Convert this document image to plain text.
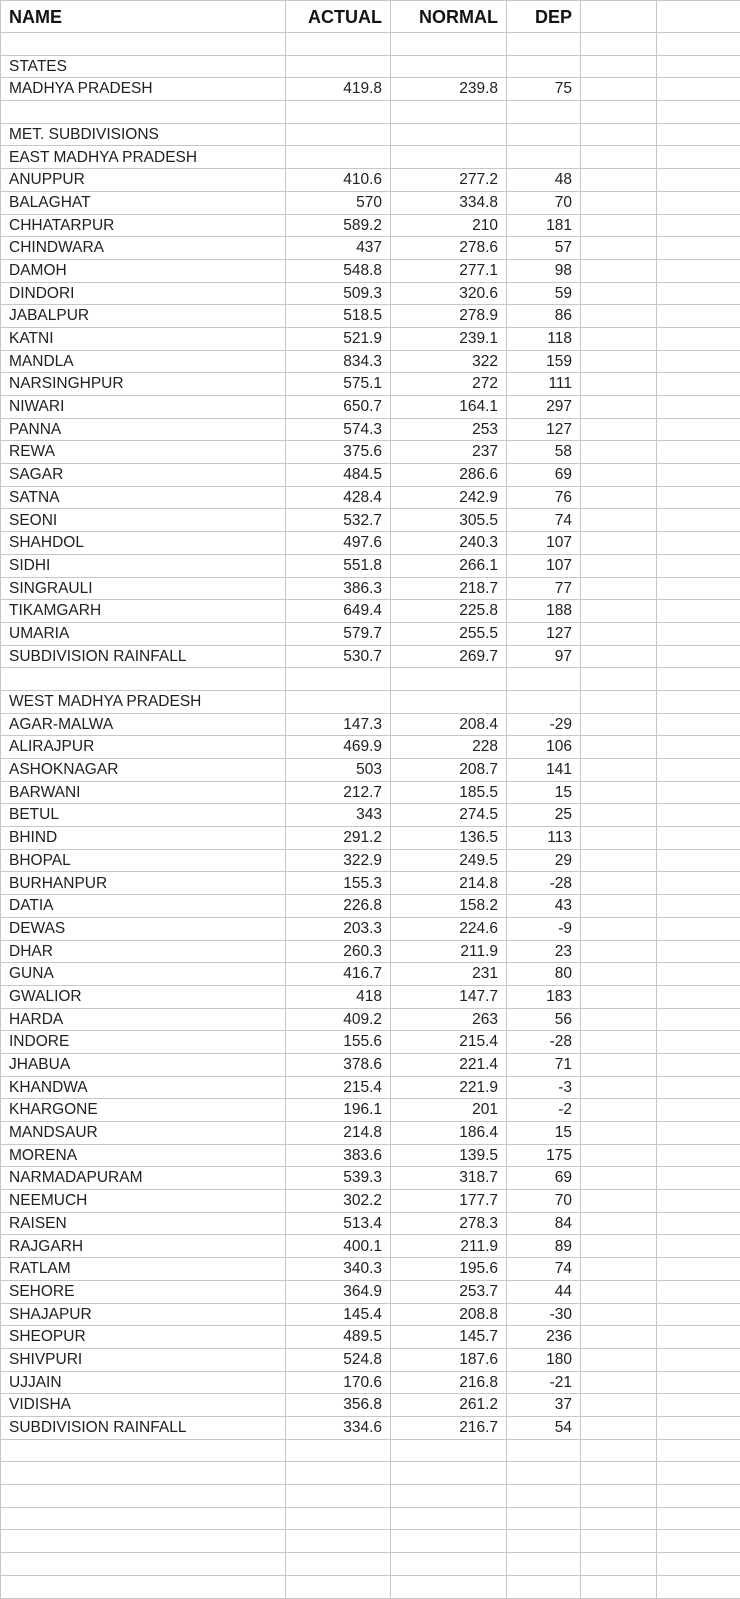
NAME	ACTUAL	NORMAL	DEP		

STATES					
MADHYA PRADESH	419.8	239.8	75		

MET. SUBDIVISIONS					
EAST MADHYA PRADESH					
ANUPPUR	410.6	277.2	48		
BALAGHAT	570	334.8	70		
CHHATARPUR	589.2	210	181		
CHINDWARA	437	278.6	57		
DAMOH	548.8	277.1	98		
DINDORI	509.3	320.6	59		
JABALPUR	518.5	278.9	86		
KATNI	521.9	239.1	118		
MANDLA	834.3	322	159		
NARSINGHPUR	575.1	272	111		
NIWARI	650.7	164.1	297		
PANNA	574.3	253	127		
REWA	375.6	237	58		
SAGAR	484.5	286.6	69		
SATNA	428.4	242.9	76		
SEONI	532.7	305.5	74		
SHAHDOL	497.6	240.3	107		
SIDHI	551.8	266.1	107		
SINGRAULI	386.3	218.7	77		
TIKAMGARH	649.4	225.8	188		
UMARIA	579.7	255.5	127		
SUBDIVISION RAINFALL	530.7	269.7	97		

WEST MADHYA PRADESH					
AGAR-MALWA	147.3	208.4	-29		
ALIRAJPUR	469.9	228	106		
ASHOKNAGAR	503	208.7	141		
BARWANI	212.7	185.5	15		
BETUL	343	274.5	25		
BHIND	291.2	136.5	113		
BHOPAL	322.9	249.5	29		
BURHANPUR	155.3	214.8	-28		
DATIA	226.8	158.2	43		
DEWAS	203.3	224.6	-9		
DHAR	260.3	211.9	23		
GUNA	416.7	231	80		
GWALIOR	418	147.7	183		
HARDA	409.2	263	56		
INDORE	155.6	215.4	-28		
JHABUA	378.6	221.4	71		
KHANDWA	215.4	221.9	-3		
KHARGONE	196.1	201	-2		
MANDSAUR	214.8	186.4	15		
MORENA	383.6	139.5	175		
NARMADAPURAM	539.3	318.7	69		
NEEMUCH	302.2	177.7	70		
RAISEN	513.4	278.3	84		
RAJGARH	400.1	211.9	89		
RATLAM	340.3	195.6	74		
SEHORE	364.9	253.7	44		
SHAJAPUR	145.4	208.8	-30		
SHEOPUR	489.5	145.7	236		
SHIVPURI	524.8	187.6	180		
UJJAIN	170.6	216.8	-21		
VIDISHA	356.8	261.2	37		
SUBDIVISION RAINFALL	334.6	216.7	54		
